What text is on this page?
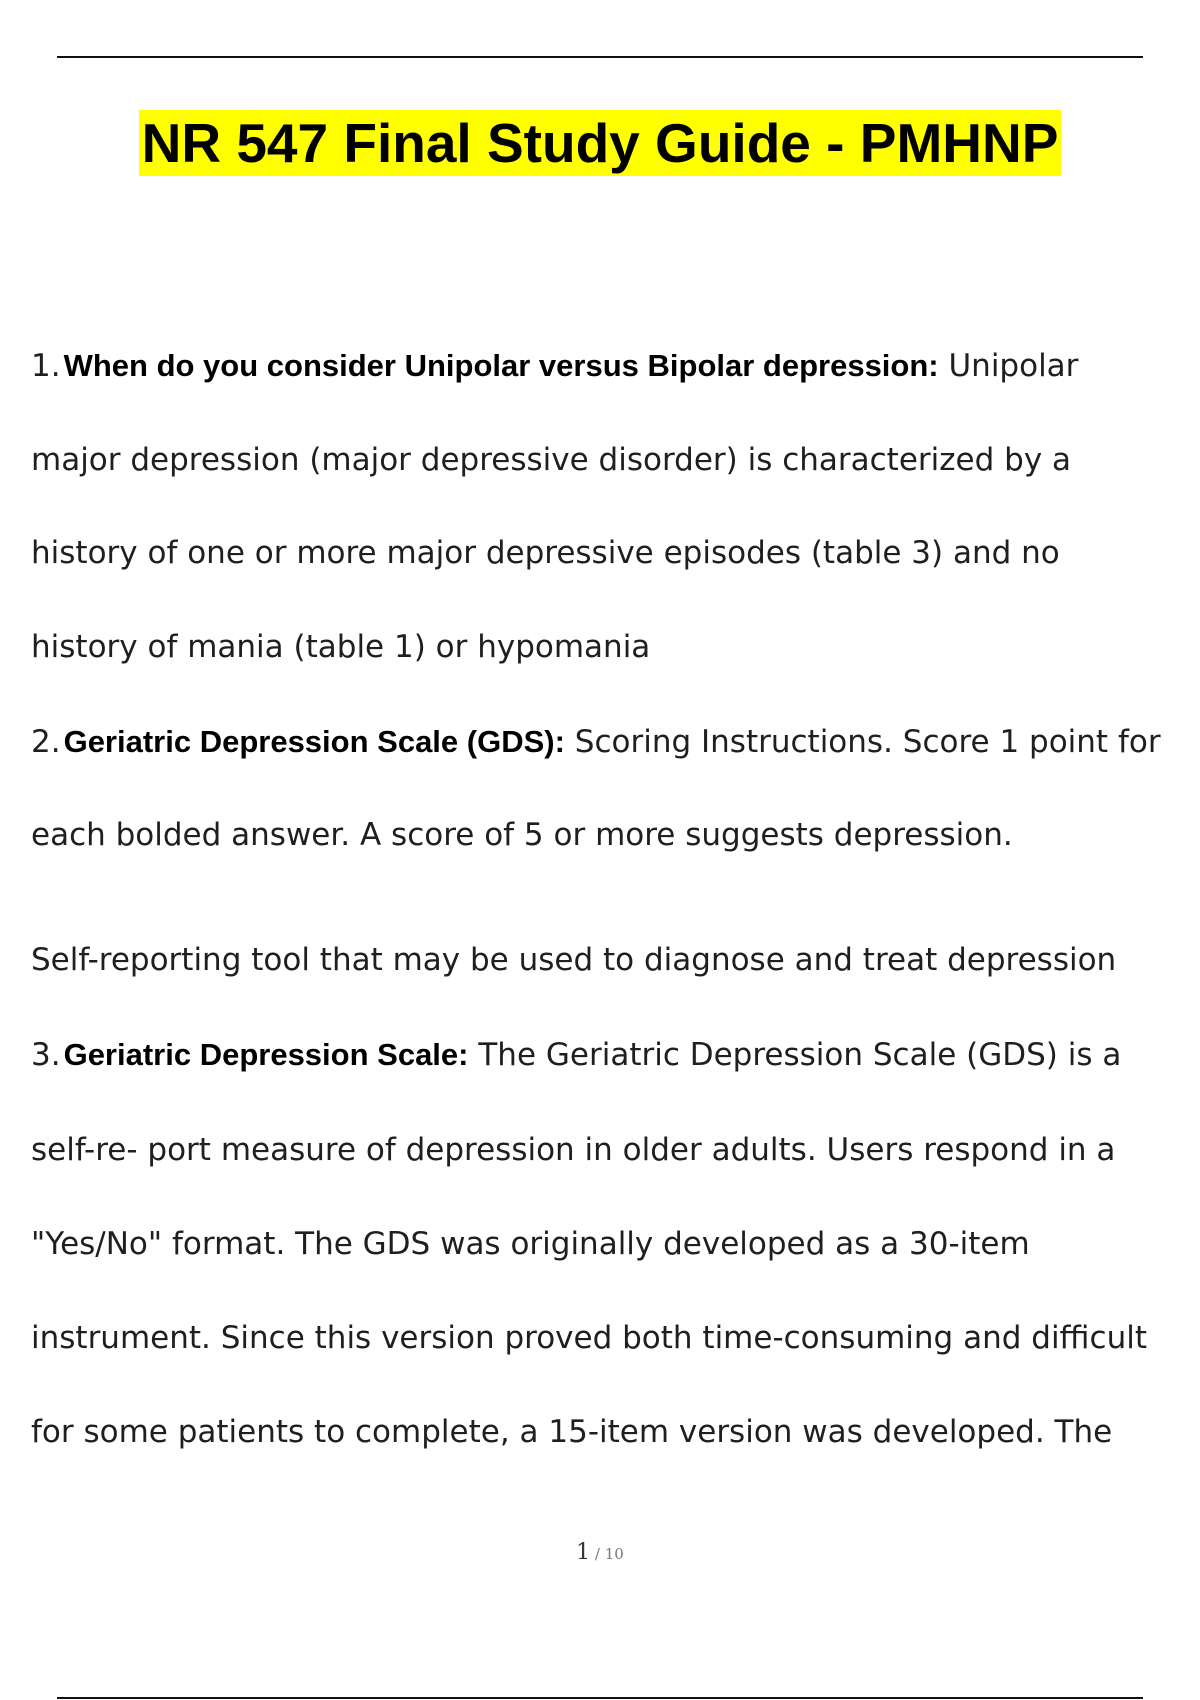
NR 547 Final Study Guide - PMHNP

1.When do you consider Unipolar versus Bipolar depression: Unipolar

major depression (major depressive disorder) is characterized by a

history of one or more major depressive episodes (table 3) and no

history of mania (table 1) or hypomania

2.Geriatric Depression Scale (GDS): Scoring Instructions. Score 1 point for

each bolded answer. A score of 5 or more suggests depression.

Self-reporting tool that may be used to diagnose and treat depression

3.Geriatric Depression Scale: The Geriatric Depression Scale (GDS) is a

self-re- port measure of depression in older adults. Users respond in a

"Yes/No" format. The GDS was originally developed as a 30-item

instrument. Since this version proved both time-consuming and difficult

for some patients to complete, a 15-item version was developed. The

1 / 10
